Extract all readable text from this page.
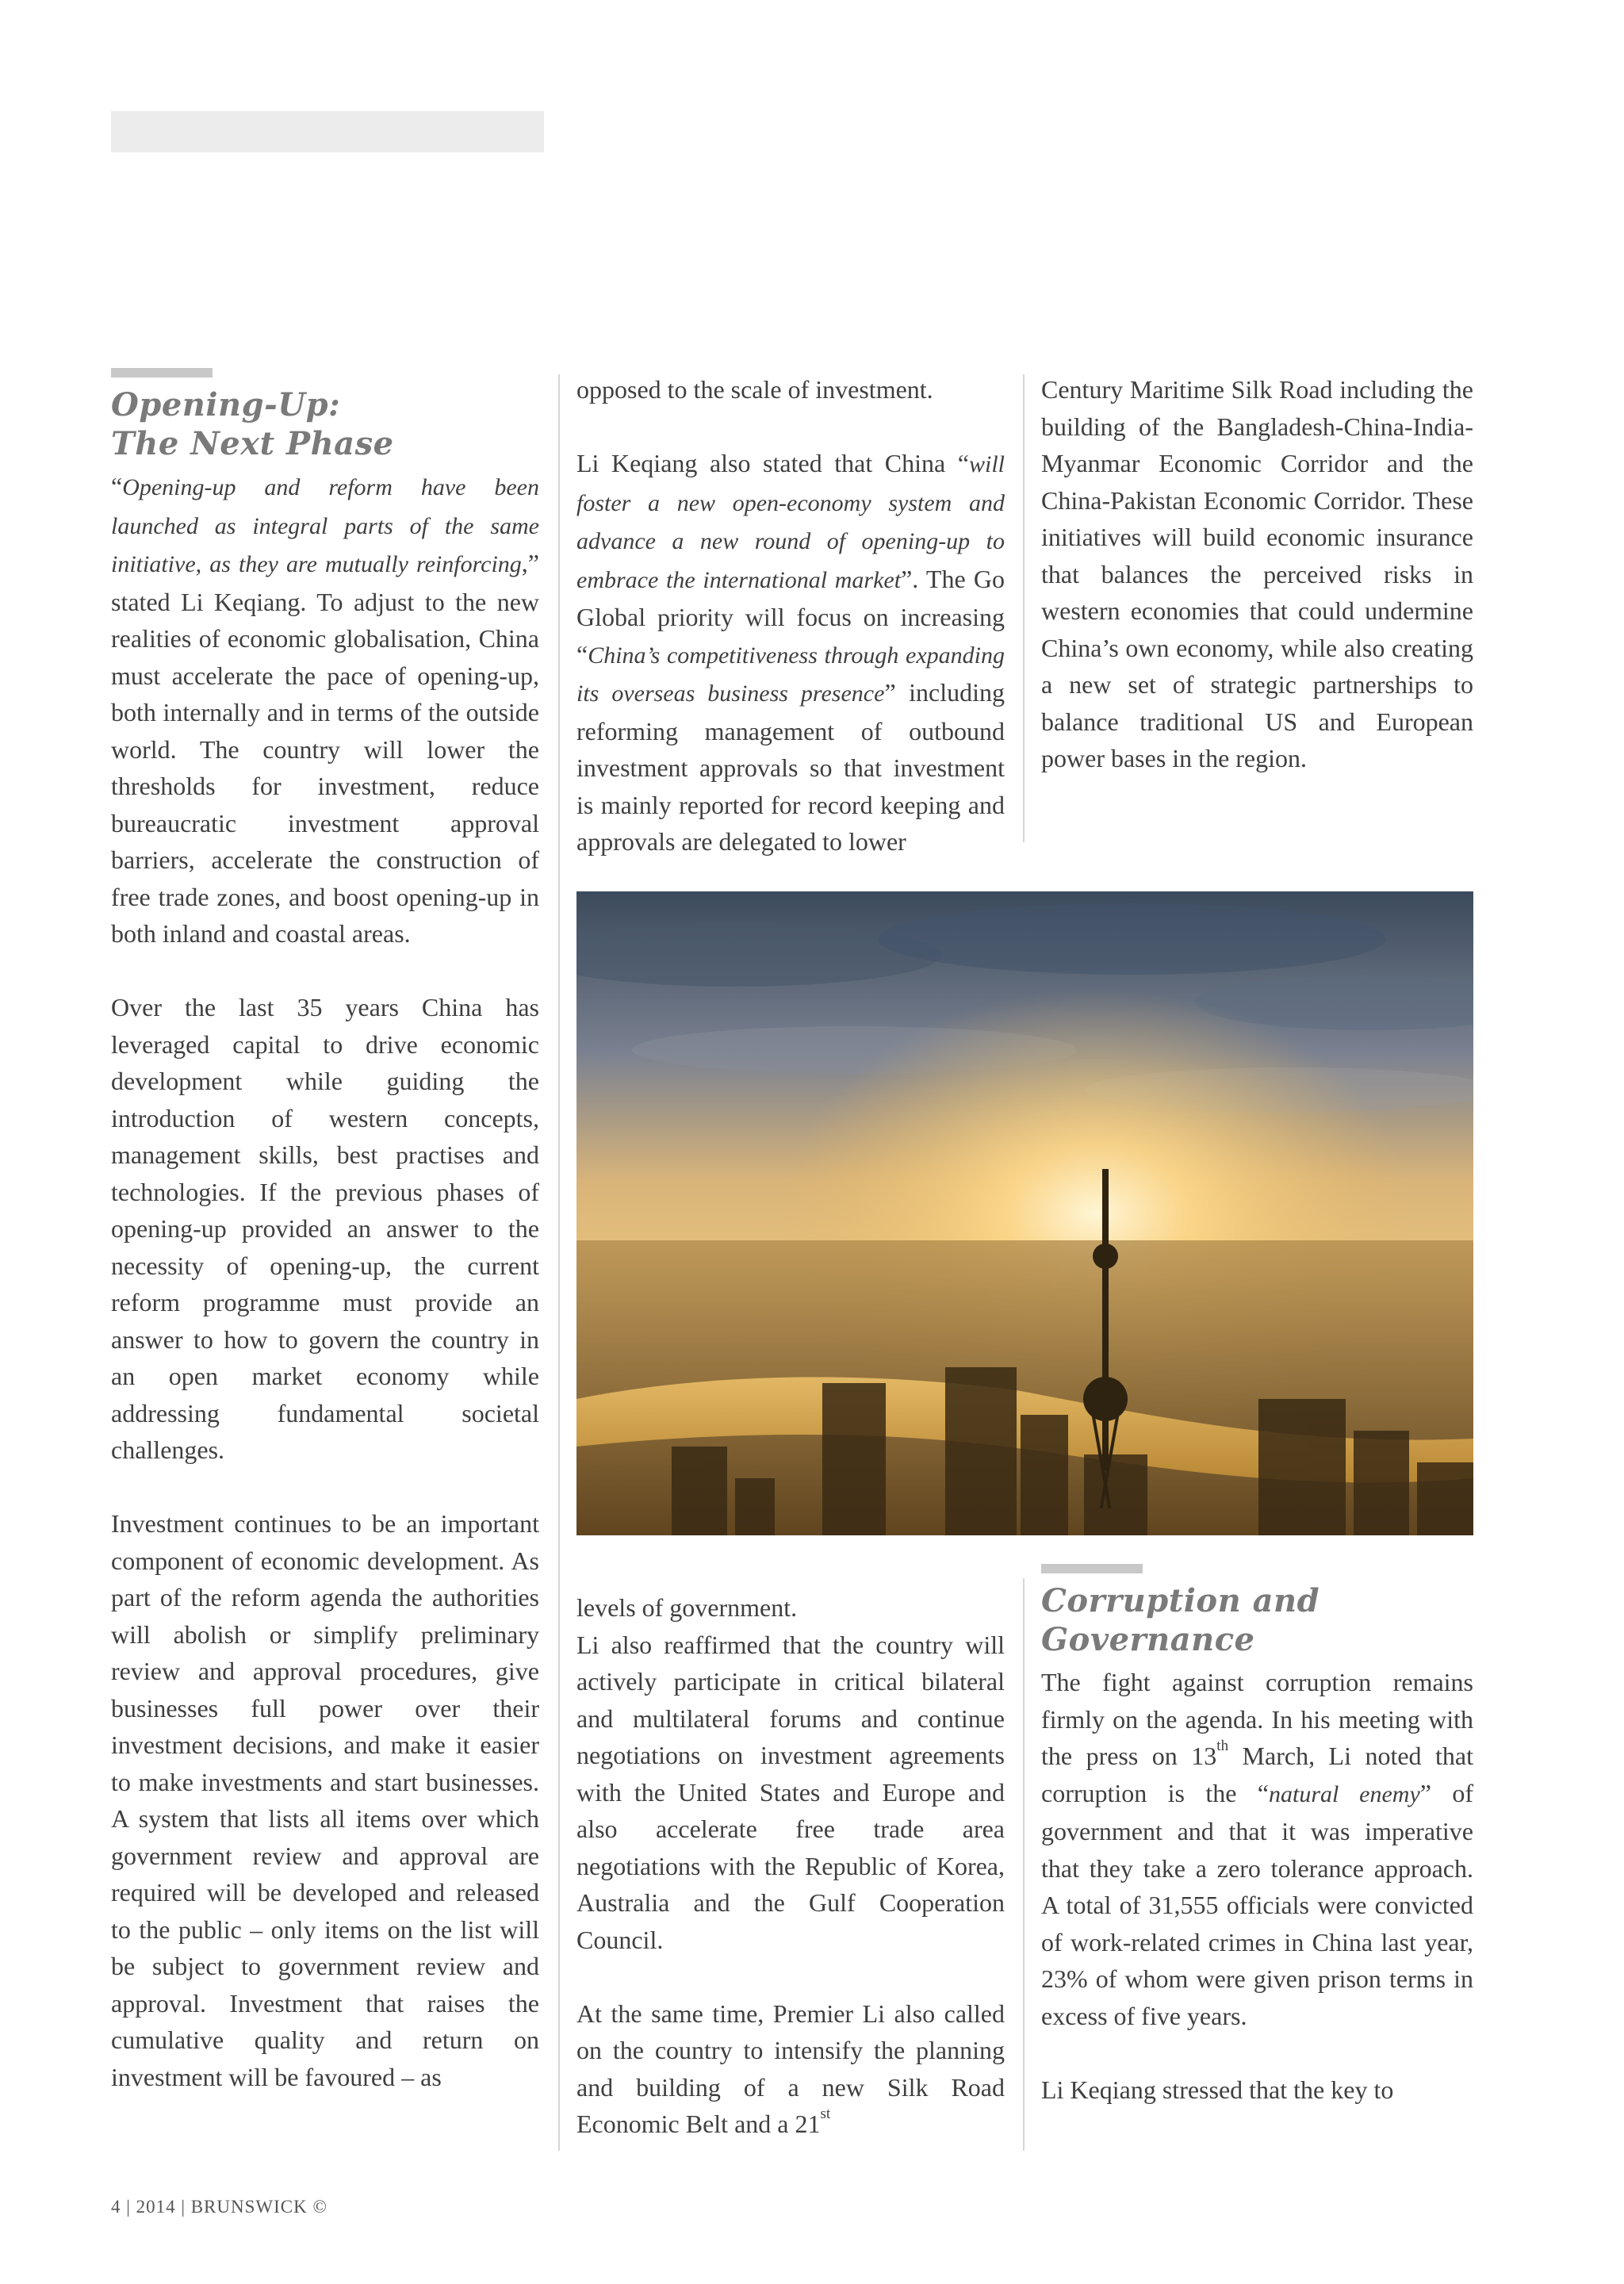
Opening-Up:
The Next Phase

“Opening-up and reform have been launched as integral parts of the same initiative, as they are mutually reinforcing,” stated Li Keqiang. To adjust to the new realities of economic globalisation, China must accelerate the pace of opening-up, both internally and in terms of the outside world. The country will lower the thresholds for investment, reduce bureaucratic investment approval barriers, accelerate the construction of free trade zones, and boost opening-up in both inland and coastal areas.

Over the last 35 years China has leveraged capital to drive economic development while guiding the introduction of western concepts, management skills, best practises and technologies. If the previous phases of opening-up provided an answer to the necessity of opening-up, the current reform programme must provide an answer to how to govern the country in an open market economy while addressing fundamental societal challenges.

Investment continues to be an important component of economic development. As part of the reform agenda the authorities will abolish or simplify preliminary review and approval procedures, give businesses full power over their investment decisions, and make it easier to make investments and start businesses. A system that lists all items over which government review and approval are required will be developed and released to the public – only items on the list will be subject to government review and approval. Investment that raises the cumulative quality and return on investment will be favoured – as

opposed to the scale of investment.

Li Keqiang also stated that China “will foster a new open-economy system and advance a new round of opening-up to embrace the international market”. The Go Global priority will focus on increasing “China’s competitiveness through expanding its overseas business presence” including reforming management of outbound investment approvals so that investment is mainly reported for record keeping and approvals are delegated to lower

Century Maritime Silk Road including the building of the Bangladesh-China-India-Myanmar Economic Corridor and the China-Pakistan Economic Corridor. These initiatives will build economic insurance that balances the perceived risks in western economies that could undermine China’s own economy, while also creating a new set of strategic partnerships to balance traditional US and European power bases in the region.

levels of government.

Li also reaffirmed that the country will actively participate in critical bilateral and multilateral forums and continue negotiations on investment agreements with the United States and Europe and also accelerate free trade area negotiations with the Republic of Korea, Australia and the Gulf Cooperation Council.

At the same time, Premier Li also called on the country to intensify the planning and building of a new Silk Road Economic Belt and a 21st

Corruption and
Governance

The fight against corruption remains firmly on the agenda. In his meeting with the press on 13th March, Li noted that corruption is the “natural enemy” of government and that it was imperative that they take a zero tolerance approach. A total of 31,555 officials were convicted of work-related crimes in China last year, 23% of whom were given prison terms in excess of five years.

Li Keqiang stressed that the key to

4 | 2014 | BRUNSWICK ©
